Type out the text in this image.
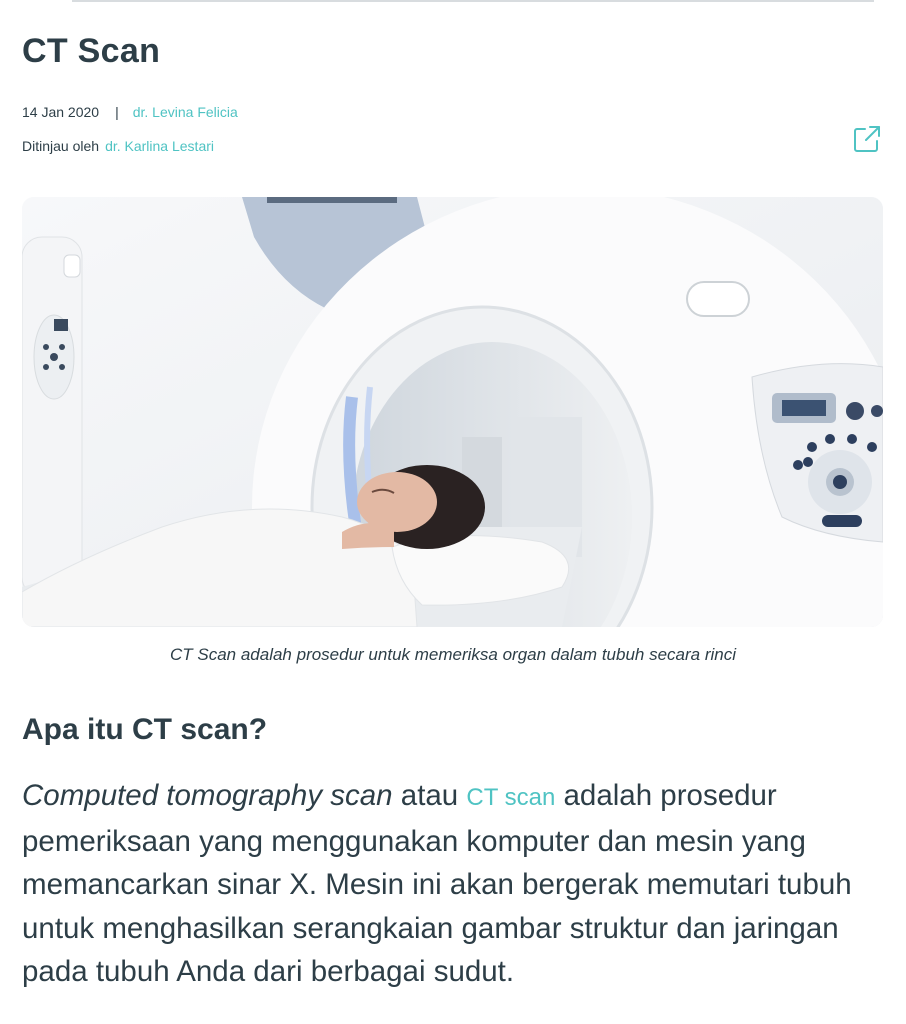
CT Scan
14 Jan 2020 | dr. Levina Felicia
Ditinjau oleh dr. Karlina Lestari
CT Scan adalah prosedur untuk memeriksa organ dalam tubuh secara rinci
Apa itu CT scan?

Computed tomography scan atau CT scan adalah prosedur pemeriksaan yang menggunakan komputer dan mesin yang memancarkan sinar X. Mesin ini akan bergerak memutari tubuh untuk menghasilkan serangkaian gambar struktur dan jaringan pada tubuh Anda dari berbagai sudut.
